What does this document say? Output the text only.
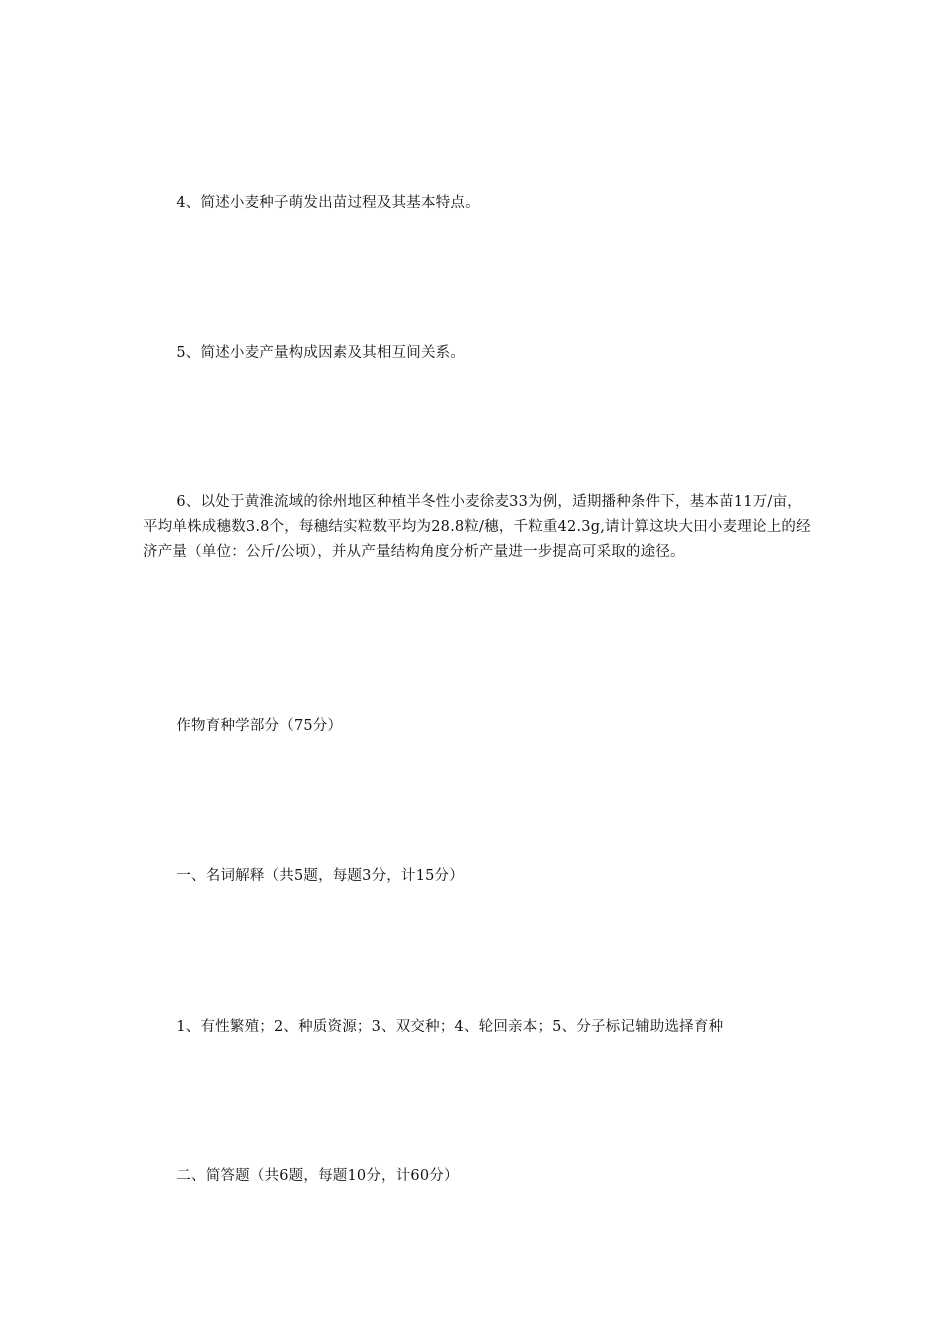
4、简述小麦种子萌发出苗过程及其基本特点。

5、简述小麦产量构成因素及其相互间关系。

6、以处于黄淮流域的徐州地区种植半冬性小麦徐麦33为例，适期播种条件下，基本苗11万/亩，平均单株成穗数3.8个，每穗结实粒数平均为28.8粒/穗，千粒重42.3g,请计算这块大田小麦理论上的经济产量（单位：公斤/公顷），并从产量结构角度分析产量进一步提高可采取的途径。

作物育种学部分（75分）

一、名词解释（共5题，每题3分，计15分）

1、有性繁殖；2、种质资源；3、双交种；4、轮回亲本；5、分子标记辅助选择育种

二、简答题（共6题，每题10分，计60分）
